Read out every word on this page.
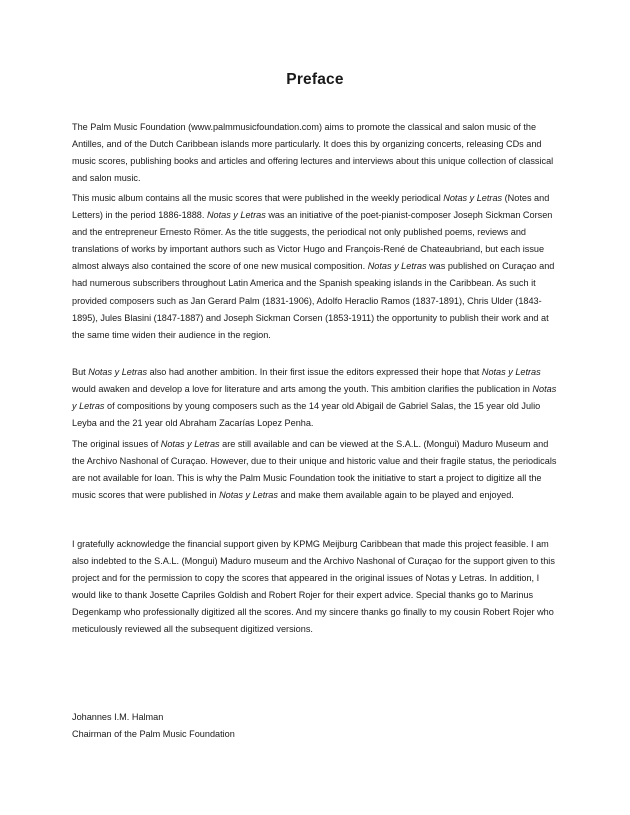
Preface

The Palm Music Foundation (www.palmmusicfoundation.com) aims to promote the classical and salon music of the Antilles, and of the Dutch Caribbean islands more particularly. It does this by organizing concerts, releasing CDs and music scores, publishing books and articles and offering lectures and interviews about this unique collection of classical and salon music.

This music album contains all the music scores that were published in the weekly periodical Notas y Letras (Notes and Letters) in the period 1886-1888. Notas y Letras was an initiative of the poet-pianist-composer Joseph Sickman Corsen and the entrepreneur Ernesto Römer. As the title suggests, the periodical not only published poems, reviews and translations of works by important authors such as Victor Hugo and François-René de Chateaubriand, but each issue almost always also contained the score of one new musical composition. Notas y Letras was published on Curaçao and had numerous subscribers throughout Latin America and the Spanish speaking islands in the Caribbean. As such it provided composers such as Jan Gerard Palm (1831-1906), Adolfo Heraclio Ramos (1837-1891), Chris Ulder (1843-1895), Jules Blasini (1847-1887) and Joseph Sickman Corsen (1853-1911) the opportunity to publish their work and at the same time widen their audience in the region.

But Notas y Letras also had another ambition. In their first issue the editors expressed their hope that Notas y Letras would awaken and develop a love for literature and arts among the youth. This ambition clarifies the publication in Notas y Letras of compositions by young composers such as the 14 year old Abigail de Gabriel Salas, the 15 year old Julio Leyba and the 21 year old Abraham Zacarías Lopez Penha.

The original issues of Notas y Letras are still available and can be viewed at the S.A.L. (Mongui) Maduro Museum and the Archivo Nashonal of Curaçao. However, due to their unique and historic value and their fragile status, the periodicals are not available for loan. This is why the Palm Music Foundation took the initiative to start a project to digitize all the music scores that were published in Notas y Letras and make them available again to be played and enjoyed.

I gratefully acknowledge the financial support given by KPMG Meijburg Caribbean that made this project feasible. I am also indebted to the S.A.L. (Mongui) Maduro museum and the Archivo Nashonal of Curaçao for the support given to this project and for the permission to copy the scores that appeared in the original issues of Notas y Letras. In addition, I would like to thank Josette Capriles Goldish and Robert Rojer for their expert advice. Special thanks go to Marinus Degenkamp who professionally digitized all the scores. And my sincere thanks go finally to my cousin Robert Rojer who meticulously reviewed all the subsequent digitized versions.

Johannes I.M. Halman
Chairman of the Palm Music Foundation
